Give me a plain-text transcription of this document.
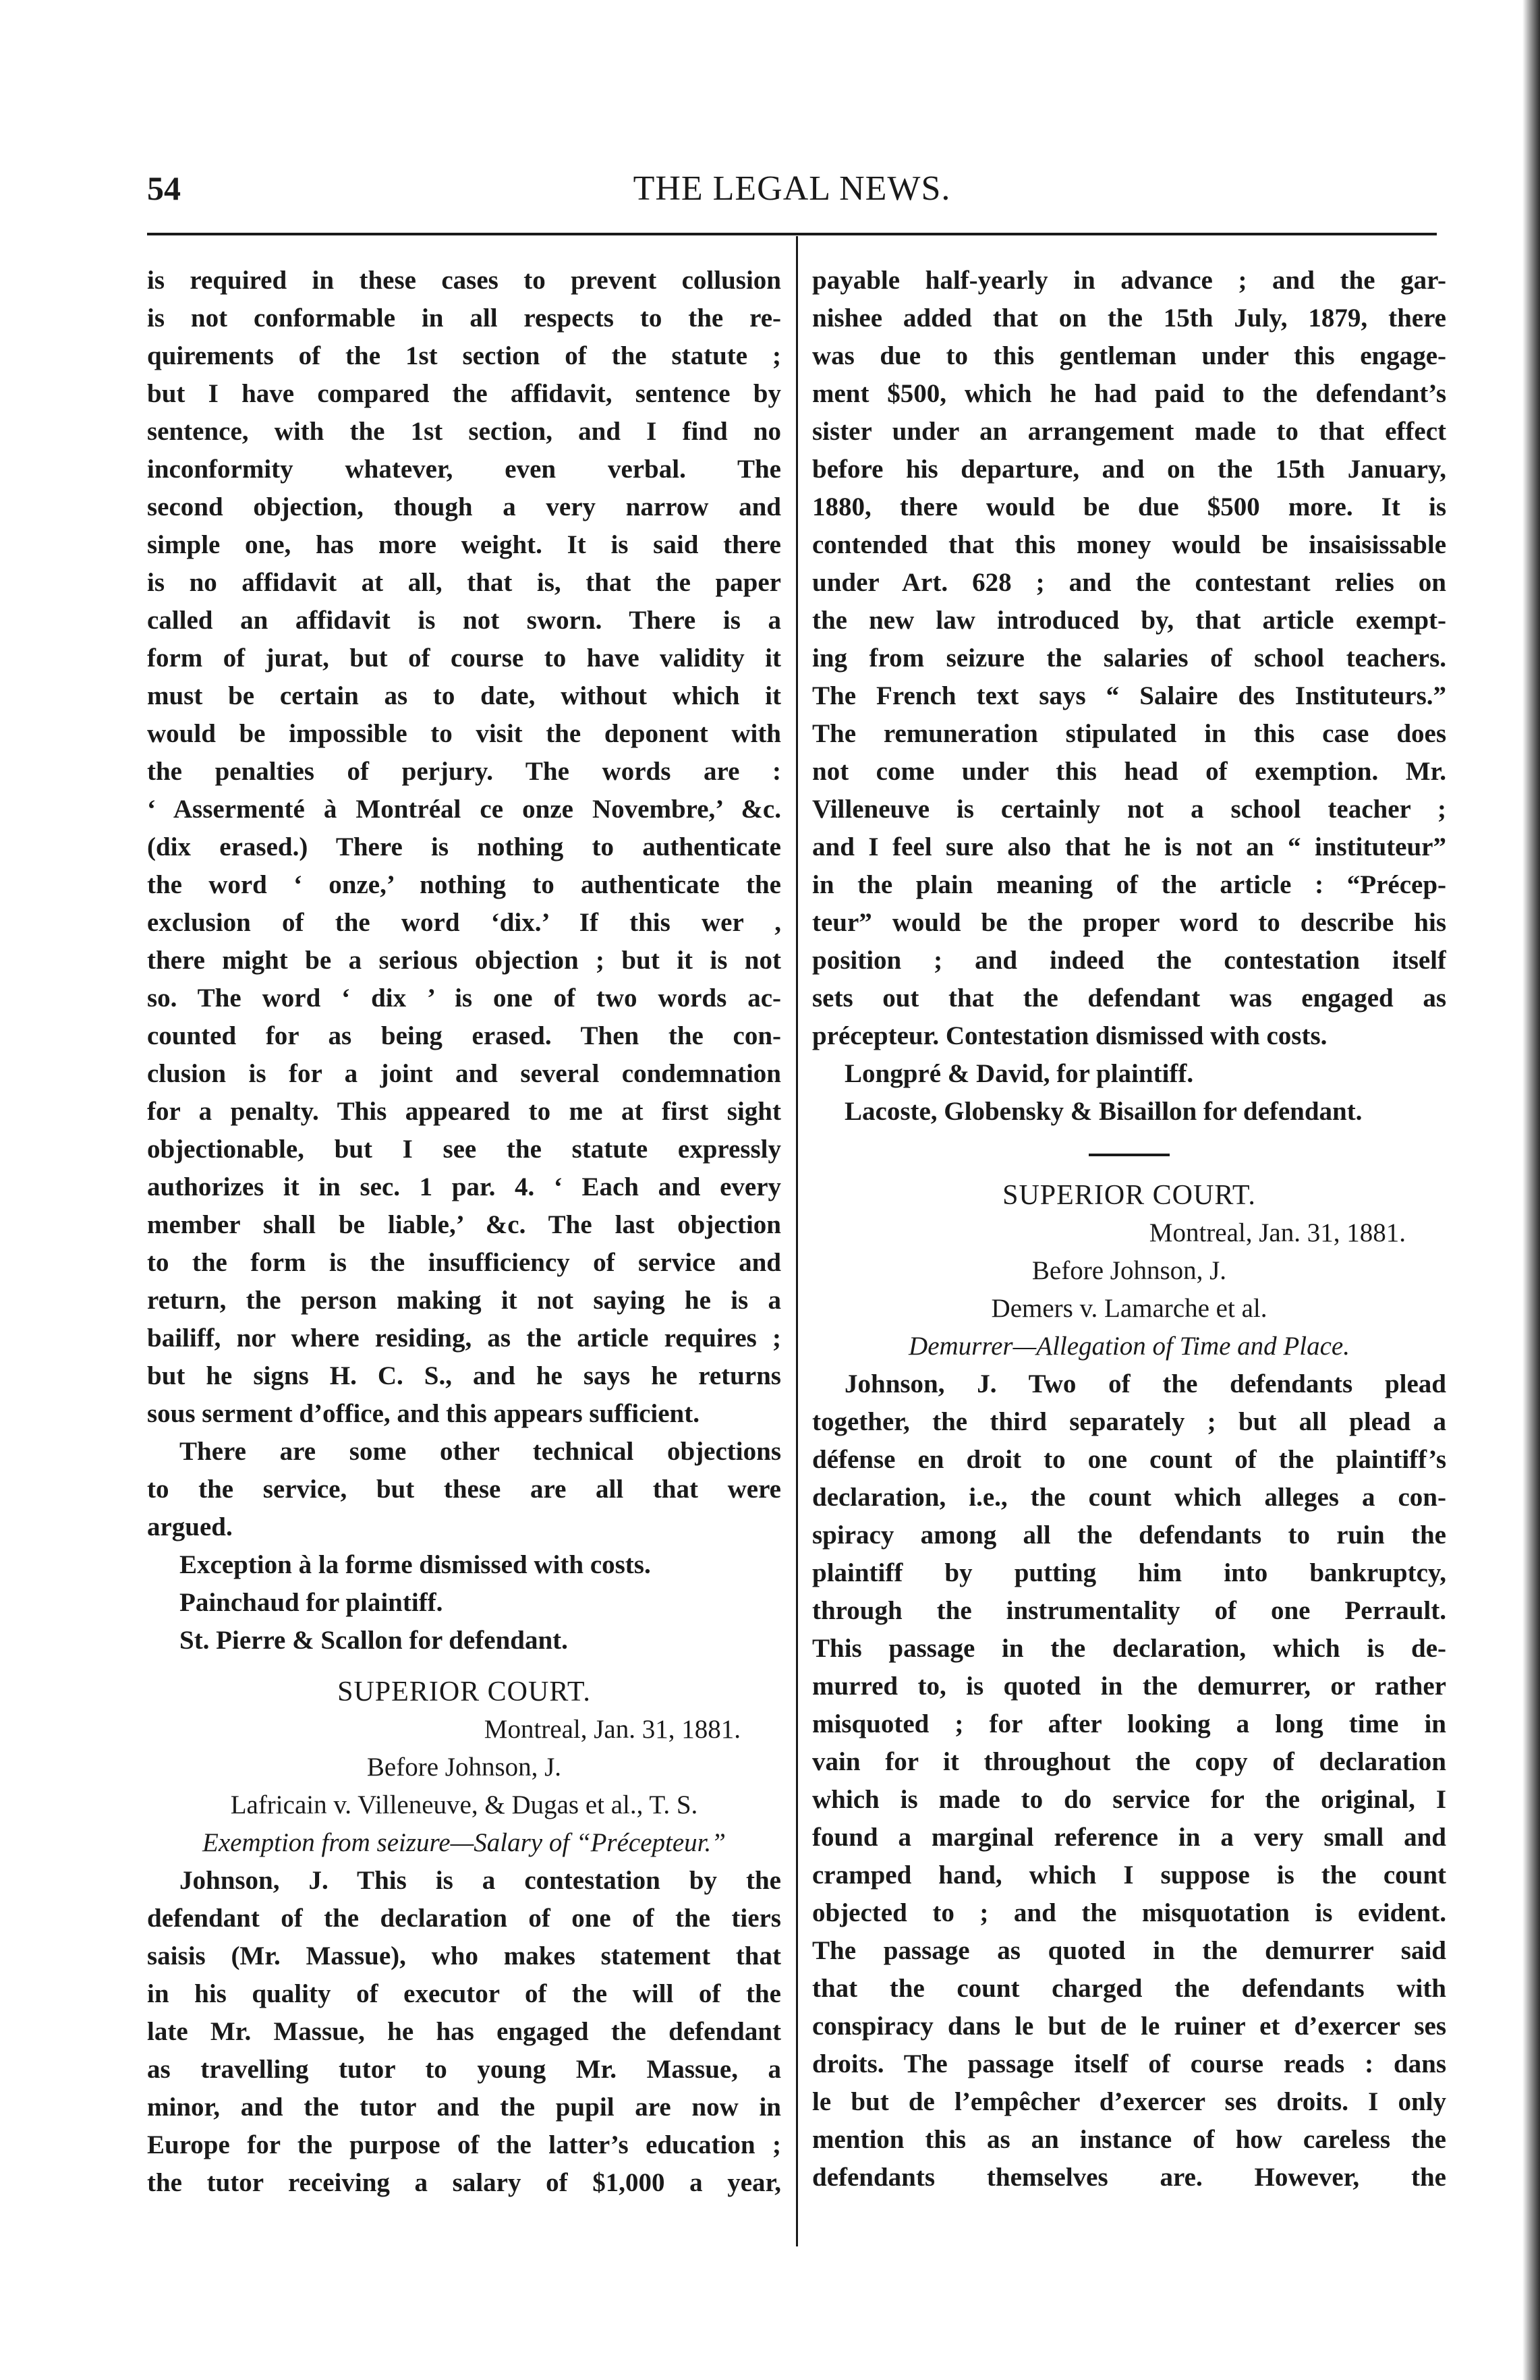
54	THE LEGAL NEWS.
is required in these cases to prevent collusion
is not conformable in all respects to the re-
quirements of the 1st section of the statute ;
but I have compared the affidavit, sentence by
sentence, with the 1st section, and I find no
inconformity whatever, even verbal. The
second objection, though a very narrow and
simple one, has more weight. It is said there
is no affidavit at all, that is, that the paper
called an affidavit is not sworn. There is a
form of jurat, but of course to have validity it
must be certain as to date, without which it
would be impossible to visit the deponent with
the penalties of perjury. The words are :
‘ Assermenté à Montréal ce onze Novembre,’ &c.
(dix erased.) There is nothing to authenticate
the word ‘ onze,’ nothing to authenticate the
exclusion of the word ‘dix.’ If this wer ,
there might be a serious objection ; but it is not
so. The word ‘ dix ’ is one of two words ac-
counted for as being erased. Then the con-
clusion is for a joint and several condemnation
for a penalty. This appeared to me at first sight
objectionable, but I see the statute expressly
authorizes it in sec. 1 par. 4. ‘ Each and every
member shall be liable,’ &c. The last objection
to the form is the insufficiency of service and
return, the person making it not saying he is a
bailiff, nor where residing, as the article requires ;
but he signs H. C. S., and he says he returns
sous serment d’office, and this appears sufficient.
There are some other technical objections
to the service, but these are all that were
argued.
Exception à la forme dismissed with costs.
Painchaud for plaintiff.
St. Pierre & Scallon for defendant.
SUPERIOR COURT.
Montreal, Jan. 31, 1881.
Before Johnson, J.
Lafricain v. Villeneuve, & Dugas et al., T. S.
Exemption from seizure—Salary of “Précepteur.”
Johnson, J. This is a contestation by the
defendant of the declaration of one of the tiers
saisis (Mr. Massue), who makes statement that
in his quality of executor of the will of the
late Mr. Massue, he has engaged the defendant
as travelling tutor to young Mr. Massue, a
minor, and the tutor and the pupil are now in
Europe for the purpose of the latter’s education ;
the tutor receiving a salary of $1,000 a year,
payable half-yearly in advance ; and the gar-
nishee added that on the 15th July, 1879, there
was due to this gentleman under this engage-
ment $500, which he had paid to the defendant’s
sister under an arrangement made to that effect
before his departure, and on the 15th January,
1880, there would be due $500 more. It is
contended that this money would be insaisissable
under Art. 628 ; and the contestant relies on
the new law introduced by, that article exempt-
ing from seizure the salaries of school teachers.
The French text says “ Salaire des Instituteurs.”
The remuneration stipulated in this case does
not come under this head of exemption. Mr.
Villeneuve is certainly not a school teacher ;
and I feel sure also that he is not an “ instituteur”
in the plain meaning of the article : “Précep-
teur” would be the proper word to describe his
position ; and indeed the contestation itself
sets out that the defendant was engaged as
précepteur. Contestation dismissed with costs.
Longpré & David, for plaintiff.
Lacoste, Globensky & Bisaillon for defendant.
SUPERIOR COURT.
Montreal, Jan. 31, 1881.
Before Johnson, J.
Demers v. Lamarche et al.
Demurrer—Allegation of Time and Place.
Johnson, J. Two of the defendants plead
together, the third separately ; but all plead a
défense en droit to one count of the plaintiff’s
declaration, i.e., the count which alleges a con-
spiracy among all the defendants to ruin the
plaintiff by putting him into bankruptcy,
through the instrumentality of one Perrault.
This passage in the declaration, which is de-
murred to, is quoted in the demurrer, or rather
misquoted ; for after looking a long time in
vain for it throughout the copy of declaration
which is made to do service for the original, I
found a marginal reference in a very small and
cramped hand, which I suppose is the count
objected to ; and the misquotation is evident.
The passage as quoted in the demurrer said
that the count charged the defendants with
conspiracy dans le but de le ruiner et d’exercer ses
droits. The passage itself of course reads : dans
le but de l’empêcher d’exercer ses droits. I only
mention this as an instance of how careless the
defendants themselves are. However, the
